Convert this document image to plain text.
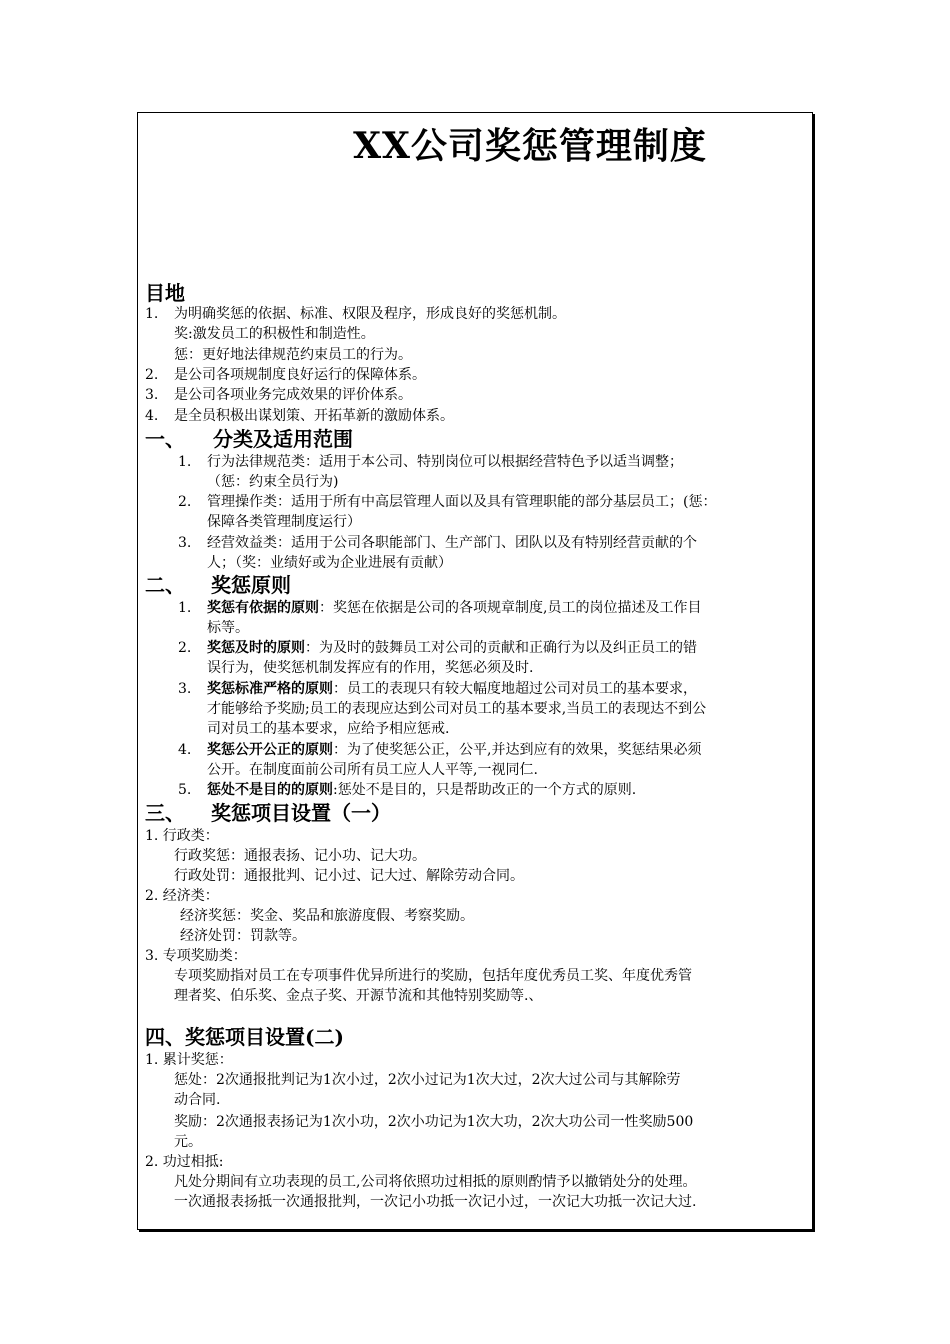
XX公司奖惩管理制度
目地
1. 为明确奖惩的依据、标准、权限及程序，形成良好的奖惩机制。
奖:激发员工的积极性和制造性。
惩：更好地法律规范约束员工的行为。
2. 是公司各项规制度良好运行的保障体系。
3. 是公司各项业务完成效果的评价体系。
4. 是全员积极出谋划策、开拓革新的激励体系。
一、 分类及适用范围
1. 行为法律规范类：适用于本公司、特别岗位可以根据经营特色予以适当调整；
（惩：约束全员行为)
2. 管理操作类：适用于所有中高层管理人面以及具有管理职能的部分基层员工；(惩：
保障各类管理制度运行）
3. 经营效益类：适用于公司各职能部门、生产部门、团队以及有特别经营贡献的个
人；（奖：业绩好或为企业进展有贡献）
二、 奖惩原则
1. 奖惩有依据的原则：奖惩在依据是公司的各项规章制度,员工的岗位描述及工作目
标等。
2. 奖惩及时的原则：为及时的鼓舞员工对公司的贡献和正确行为以及纠正员工的错
误行为，使奖惩机制发挥应有的作用，奖惩必须及时.
3. 奖惩标准严格的原则：员工的表现只有较大幅度地超过公司对员工的基本要求，
才能够给予奖励;员工的表现应达到公司对员工的基本要求,当员工的表现达不到公
司对员工的基本要求，应给予相应惩戒.
4. 奖惩公开公正的原则：为了使奖惩公正，公平,并达到应有的效果，奖惩结果必须
公开。在制度面前公司所有员工应人人平等,一视同仁.
5. 惩处不是目的的原则:惩处不是目的，只是帮助改正的一个方式的原则.
三、 奖惩项目设置（一）
1. 行政类：
行政奖惩：通报表扬、记小功、记大功。
行政处罚：通报批判、记小过、记大过、解除劳动合同。
2. 经济类：
经济奖惩：奖金、奖品和旅游度假、考察奖励。
经济处罚：罚款等。
3. 专项奖励类：
专项奖励指对员工在专项事件优异所进行的奖励，包括年度优秀员工奖、年度优秀管
理者奖、伯乐奖、金点子奖、开源节流和其他特别奖励等.、
四、奖惩项目设置(二)
1. 累计奖惩：
惩处：2次通报批判记为1次小过，2次小过记为1次大过，2次大过公司与其解除劳
动合同.
奖励：2次通报表扬记为1次小功，2次小功记为1次大功，2次大功公司一性奖励500
元。
2. 功过相抵:
凡处分期间有立功表现的员工,公司将依照功过相抵的原则酌情予以撤销处分的处理。
一次通报表扬抵一次通报批判，一次记小功抵一次记小过，一次记大功抵一次记大过.
